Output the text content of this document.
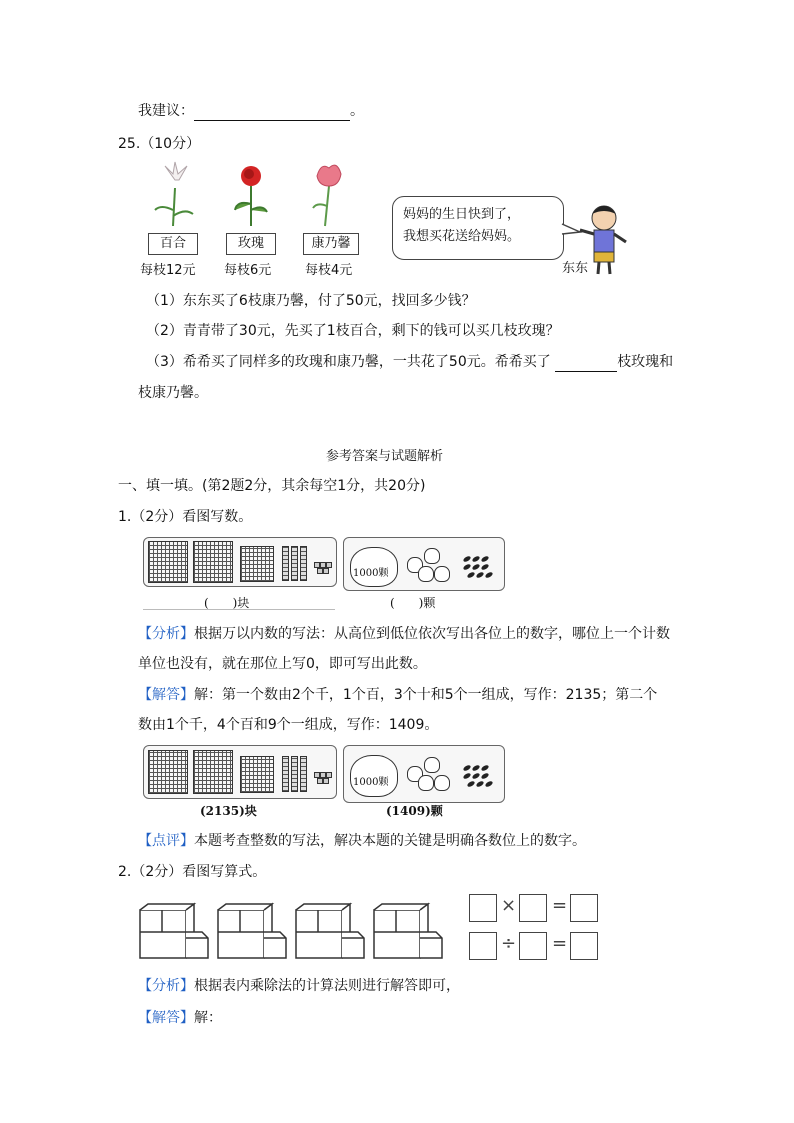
我建议：	。
25.（10分）
百合	玫瑰	康乃馨
每枝12元 每枝6元	每枝4元
妈妈的生日快到了，
我想买花送给妈妈。
东东
（1）东东买了6枝康乃馨，付了50元，找回多少钱？
（2）青青带了30元，先买了1枝百合，剩下的钱可以买几枝玫瑰？
（3）希希买了同样多的玫瑰和康乃馨，一共花了50元。希希买了	枝玫瑰和
枝康乃馨。
参考答案与试题解析
一、填一填。(第2题2分，其余每空1分，共20分)
1.（2分）看图写数。
(　　)块
1000颗
(　　)颗
【分析】根据万以内数的写法：从高位到低位依次写出各位上的数字，哪位上一个计数
单位也没有，就在那位上写0，即可写出此数。
【解答】解：第一个数由2个千，1个百，3个十和5个一组成，写作：2135；第二个
数由1个千，4个百和9个一组成，写作：1409。
(2135)块
1000颗
(1409)颗
【点评】本题考查整数的写法，解决本题的关键是明确各数位上的数字。
2.（2分）看图写算式。
× =
÷ =
【分析】根据表内乘除法的计算法则进行解答即可，
【解答】解：
